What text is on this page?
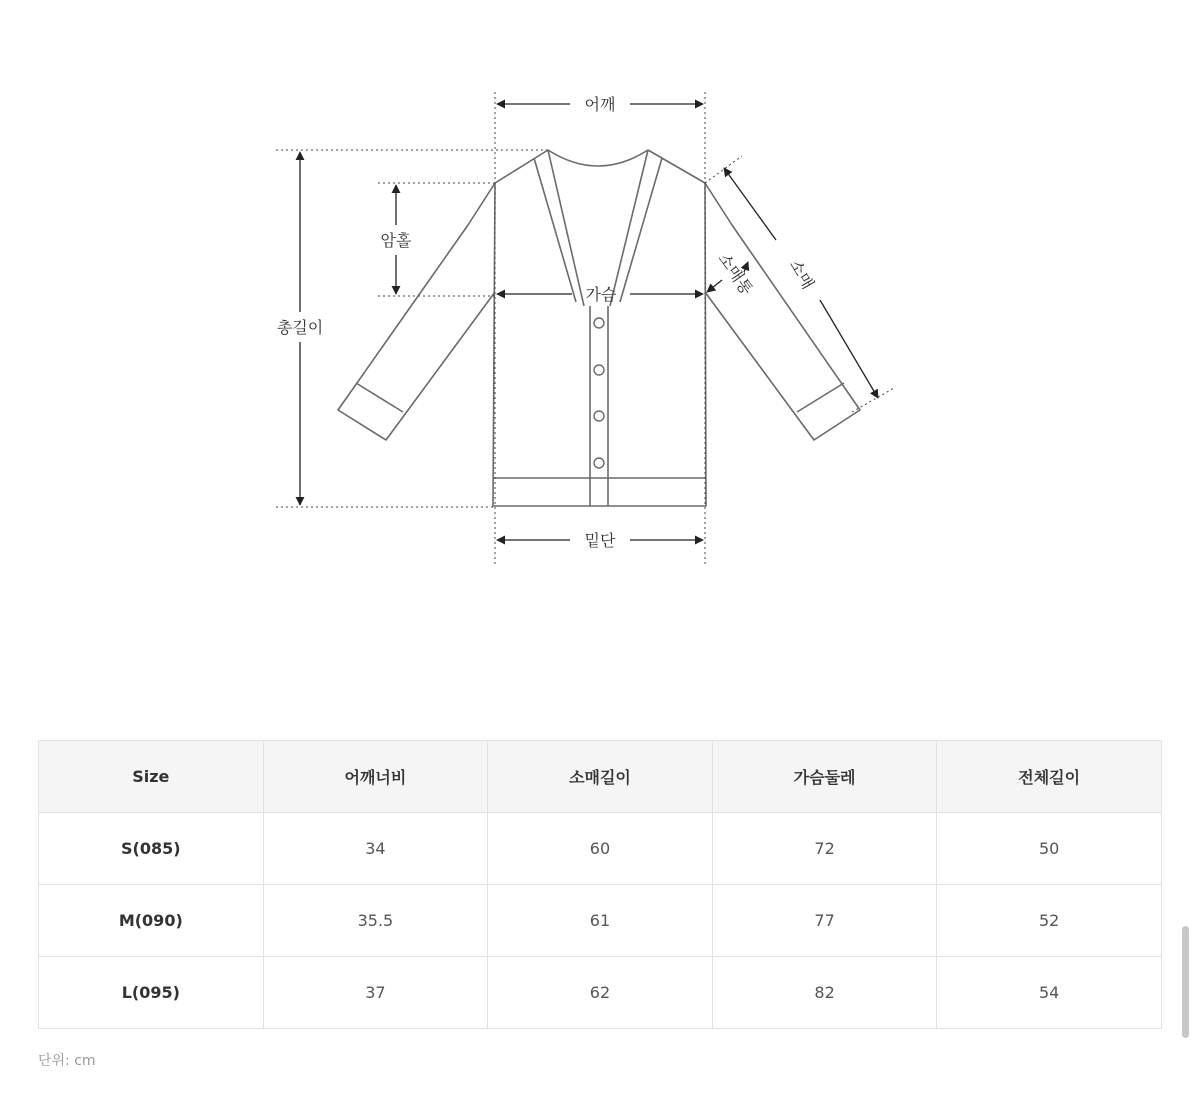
어깨
암홀
총길이
가슴	소매통 소매
밑단
Size	어깨너비	소매길이	가슴둘레	전체길이
S(085)	34	60	72	50
M(090)	35.5	61	77	52
L(095)	37	62	82	54
단위: cm
